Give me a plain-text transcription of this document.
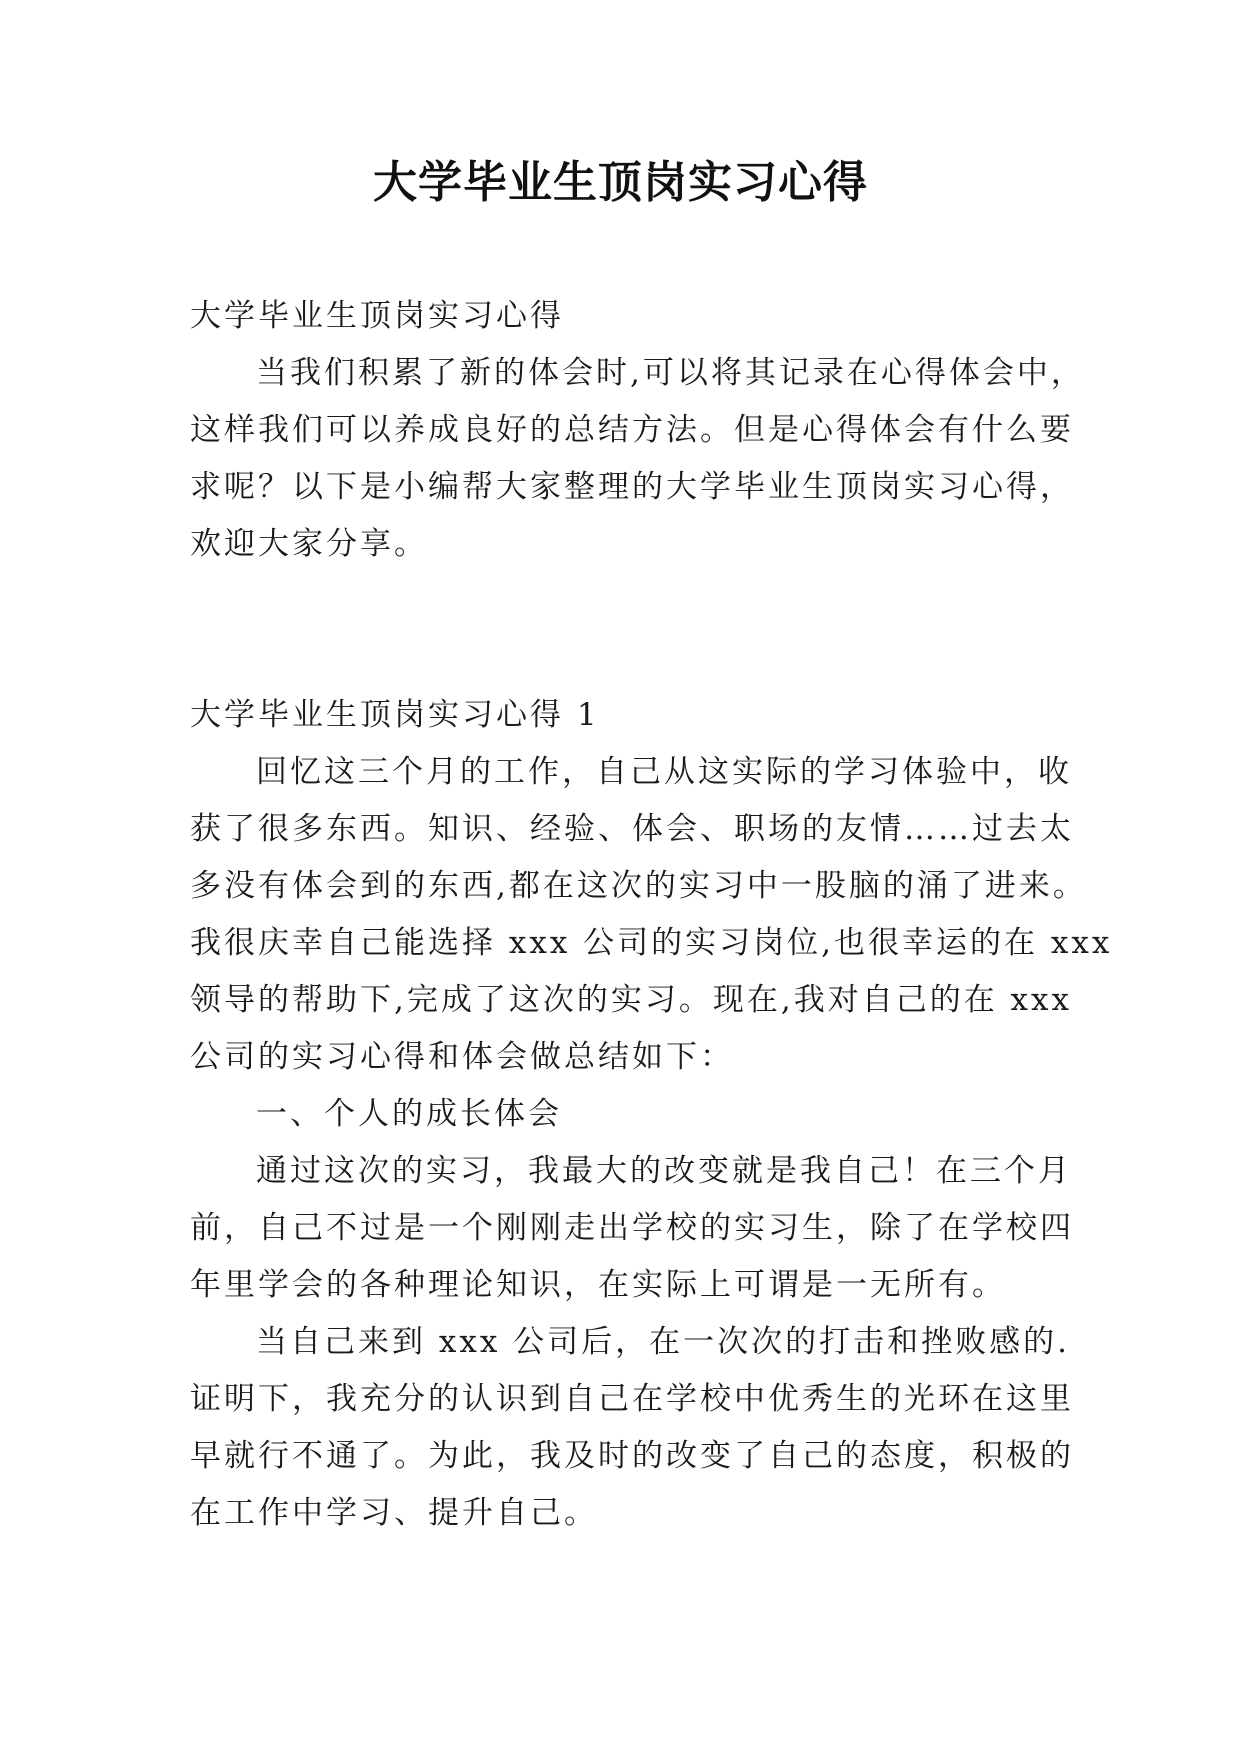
大学毕业生顶岗实习心得
大学毕业生顶岗实习心得
当我们积累了新的体会时,可以将其记录在心得体会中，
这样我们可以养成良好的总结方法。但是心得体会有什么要
求呢？以下是小编帮大家整理的大学毕业生顶岗实习心得，
欢迎大家分享。
大学毕业生顶岗实习心得 1
回忆这三个月的工作，自己从这实际的学习体验中，收
获了很多东西。知识、经验、体会、职场的友情……过去太
多没有体会到的东西,都在这次的实习中一股脑的涌了进来。
我很庆幸自己能选择 xxx 公司的实习岗位,也很幸运的在 xxx
领导的帮助下,完成了这次的实习。现在,我对自己的在 xxx
公司的实习心得和体会做总结如下：
一、个人的成长体会
通过这次的实习，我最大的改变就是我自己！在三个月
前，自己不过是一个刚刚走出学校的实习生，除了在学校四
年里学会的各种理论知识，在实际上可谓是一无所有。
当自己来到 xxx 公司后，在一次次的打击和挫败感的.
证明下，我充分的认识到自己在学校中优秀生的光环在这里
早就行不通了。为此，我及时的改变了自己的态度，积极的
在工作中学习、提升自己。
